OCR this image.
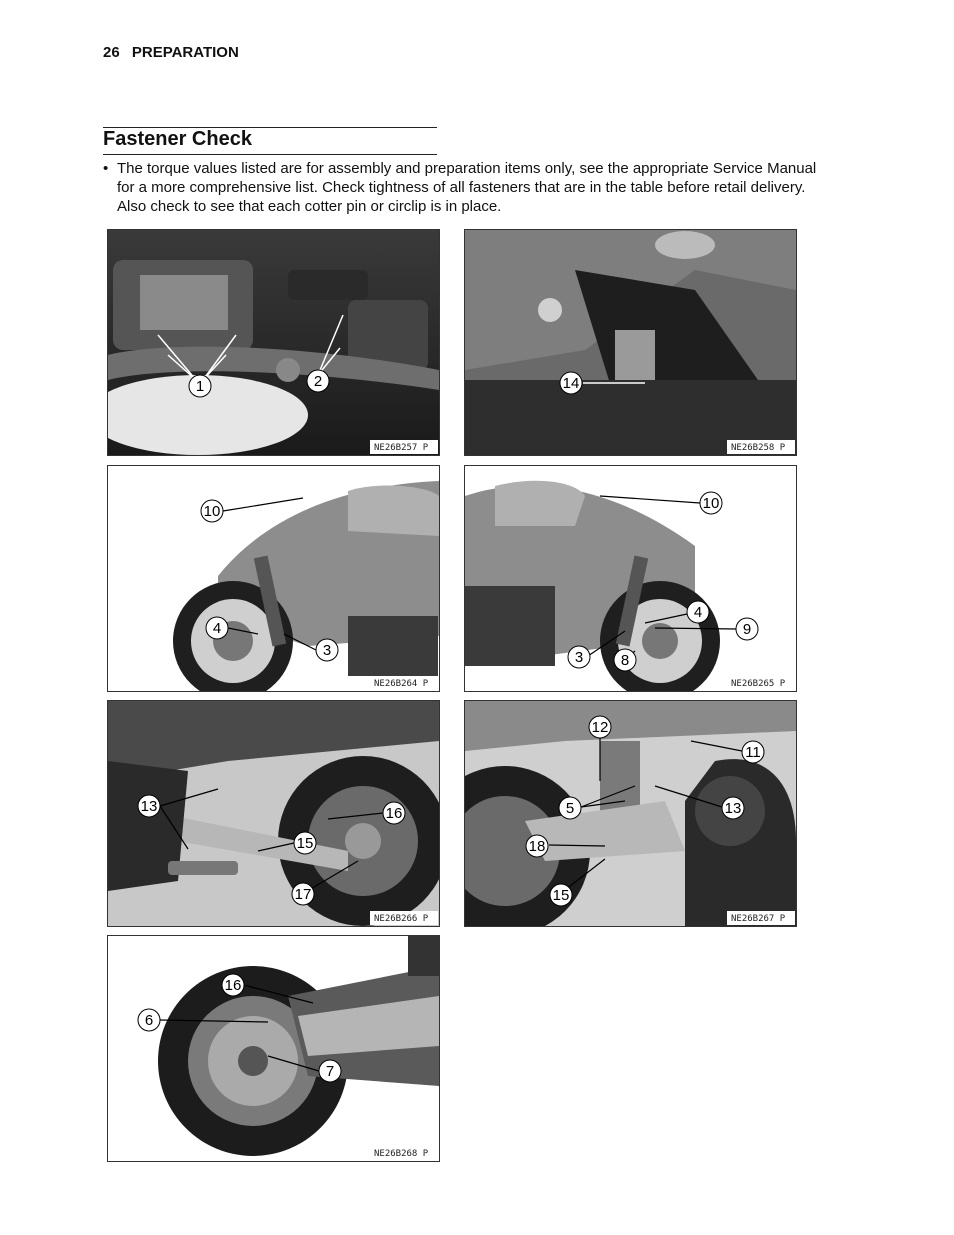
26 PREPARATION
Fastener Check
• The torque values listed are for assembly and preparation items only, see the appropriate Service Manual for a more comprehensive list. Check tightness of all fasteners that are in the table before retail delivery. Also check to see that each cotter pin or circlip is in place.
1	2
NE26B257 P
14
NE26B258 P
10
4
3
NE26B264 P
10
4
9
3	8
NE26B265 P
13	16
15
17
NE26B266 P
12
11
5	13
18
15
NE26B267 P
16
6
7
NE26B268 P
